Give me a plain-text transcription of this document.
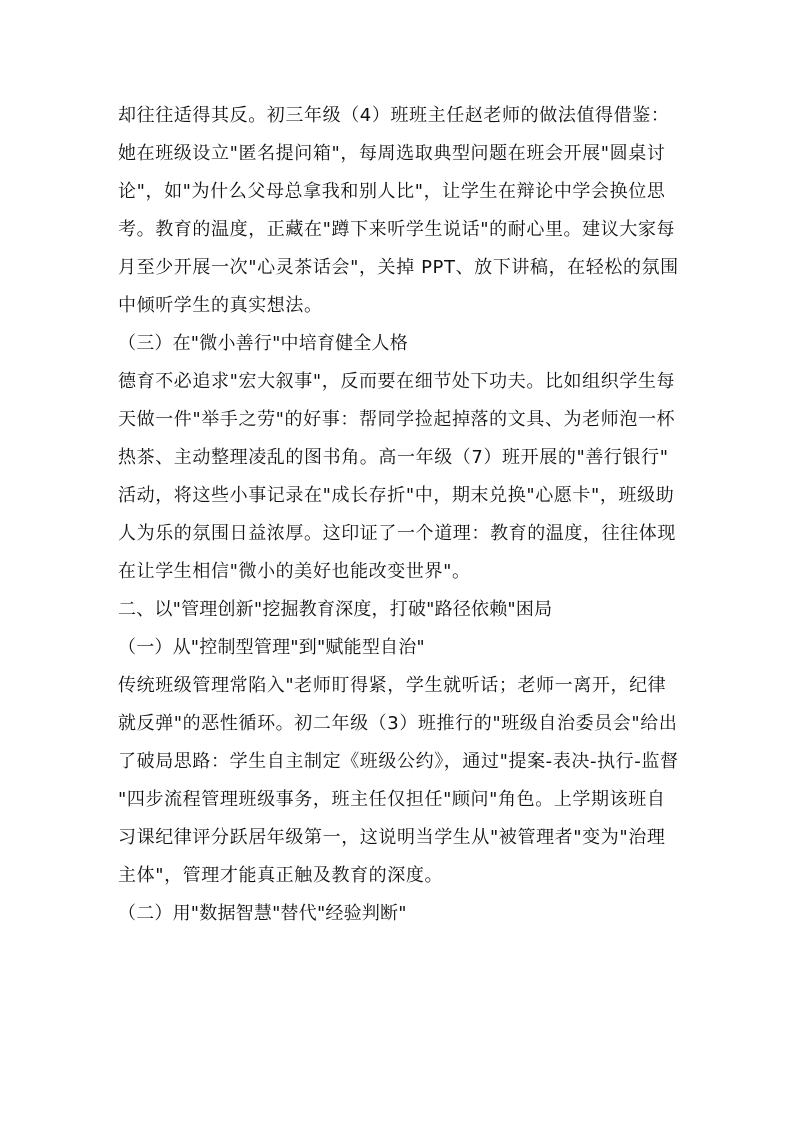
却往往适得其反。初三年级（4）班班主任赵老师的做法值得借鉴：
她在班级设立"匿名提问箱"，每周选取典型问题在班会开展"圆桌讨
论"，如"为什么父母总拿我和别人比"，让学生在辩论中学会换位思
考。教育的温度，正藏在"蹲下来听学生说话"的耐心里。建议大家每
月至少开展一次"心灵茶话会"，关掉 PPT、放下讲稿，在轻松的氛围
中倾听学生的真实想法。
（三）在"微小善行"中培育健全人格
德育不必追求"宏大叙事"，反而要在细节处下功夫。比如组织学生每
天做一件"举手之劳"的好事：帮同学捡起掉落的文具、为老师泡一杯
热茶、主动整理凌乱的图书角。高一年级（7）班开展的"善行银行"
活动，将这些小事记录在"成长存折"中，期末兑换"心愿卡"，班级助
人为乐的氛围日益浓厚。这印证了一个道理：教育的温度，往往体现
在让学生相信"微小的美好也能改变世界"。
二、以"管理创新"挖掘教育深度，打破"路径依赖"困局
（一）从"控制型管理"到"赋能型自治"
传统班级管理常陷入"老师盯得紧，学生就听话；老师一离开，纪律
就反弹"的恶性循环。初二年级（3）班推行的"班级自治委员会"给出
了破局思路：学生自主制定《班级公约》，通过"提案-表决-执行-监督
"四步流程管理班级事务，班主任仅担任"顾问"角色。上学期该班自
习课纪律评分跃居年级第一，这说明当学生从"被管理者"变为"治理
主体"，管理才能真正触及教育的深度。
（二）用"数据智慧"替代"经验判断"
